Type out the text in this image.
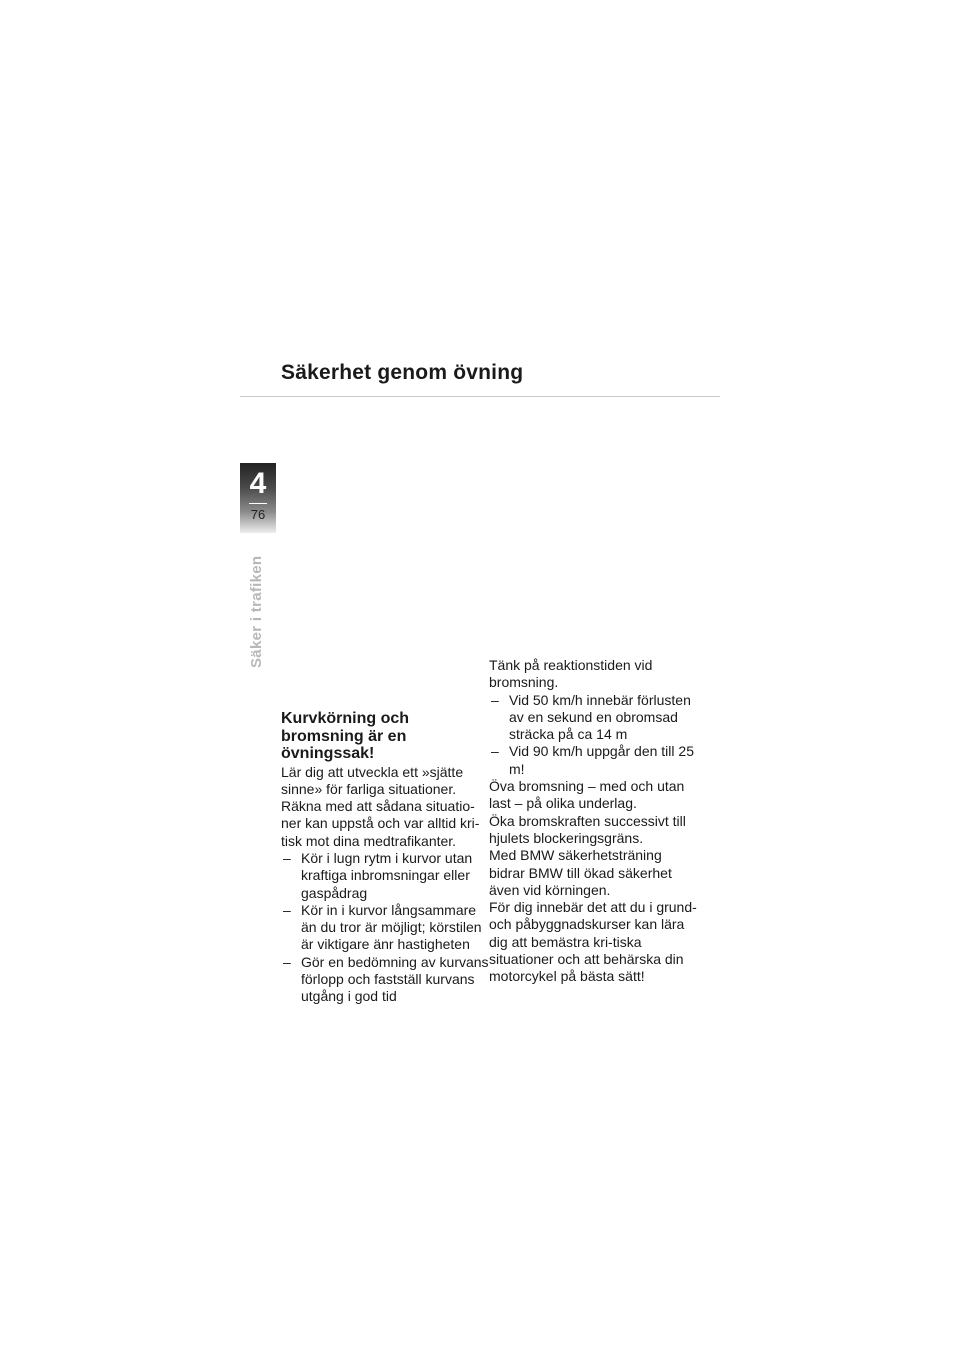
Säkerhet genom övning
4
76
Säker i trafiken
Kurvkörning och bromsning är en övningssak!

Lär dig att utveckla ett »sjätte sinne» för farliga situationer. Räkna med att sådana situatio-ner kan uppstå och var alltid kri-tisk mot dina medtrafikanter.

– Kör i lugn rytm i kurvor utan kraftiga inbromsningar eller gaspådrag
– Kör in i kurvor långsammare än du tror är möjligt; körstilen är viktigare änr hastigheten
– Gör en bedömning av kurvans förlopp och fastställ kurvans utgång i god tid

Tänk på reaktionstiden vid bromsning.

– Vid 50 km/h innebär förlusten av en sekund en obromsad sträcka på ca 14 m
– Vid 90 km/h uppgår den till 25 m!

Öva bromsning – med och utan last – på olika underlag.

Öka bromskraften successivt till hjulets blockeringsgräns.

Med BMW säkerhetsträning bidrar BMW till ökad säkerhet även vid körningen.

För dig innebär det att du i grund- och påbyggnadskurser kan lära dig att bemästra kri-tiska situationer och att behärska din motorcykel på bästa sätt!
